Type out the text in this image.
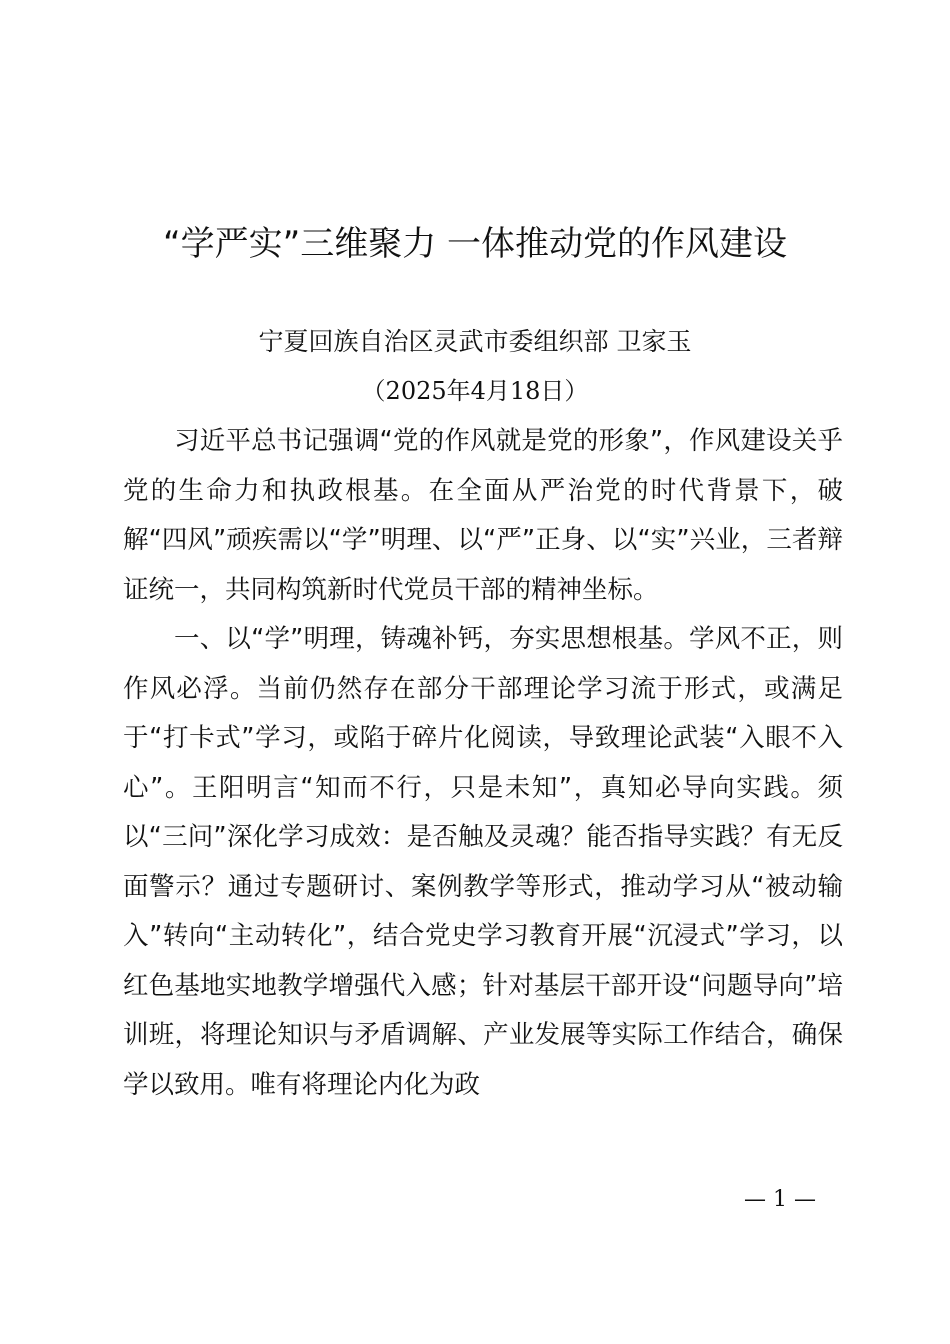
“学严实”三维聚力 一体推动党的作风建设
宁夏回族自治区灵武市委组织部 卫家玉
（2025年4月18日）

习近平总书记强调“党的作风就是党的形象”，作风建设关乎党的生命力和执政根基。在全面从严治党的时代背景下，破解“四风”顽疾需以“学”明理、以“严”正身、以“实”兴业，三者辩证统一，共同构筑新时代党员干部的精神坐标。

一、以“学”明理，铸魂补钙，夯实思想根基。学风不正，则作风必浮。当前仍然存在部分干部理论学习流于形式，或满足于“打卡式”学习，或陷于碎片化阅读，导致理论武装“入眼不入心”。王阳明言“知而不行，只是未知”，真知必导向实践。须以“三问”深化学习成效：是否触及灵魂？能否指导实践？有无反面警示？通过专题研讨、案例教学等形式，推动学习从“被动输入”转向“主动转化”，结合党史学习教育开展“沉浸式”学习，以红色基地实地教学增强代入感；针对基层干部开设“问题导向”培训班，将理论知识与矛盾调解、产业发展等实际工作结合，确保学以致用。唯有将理论内化为政

— 1 —
